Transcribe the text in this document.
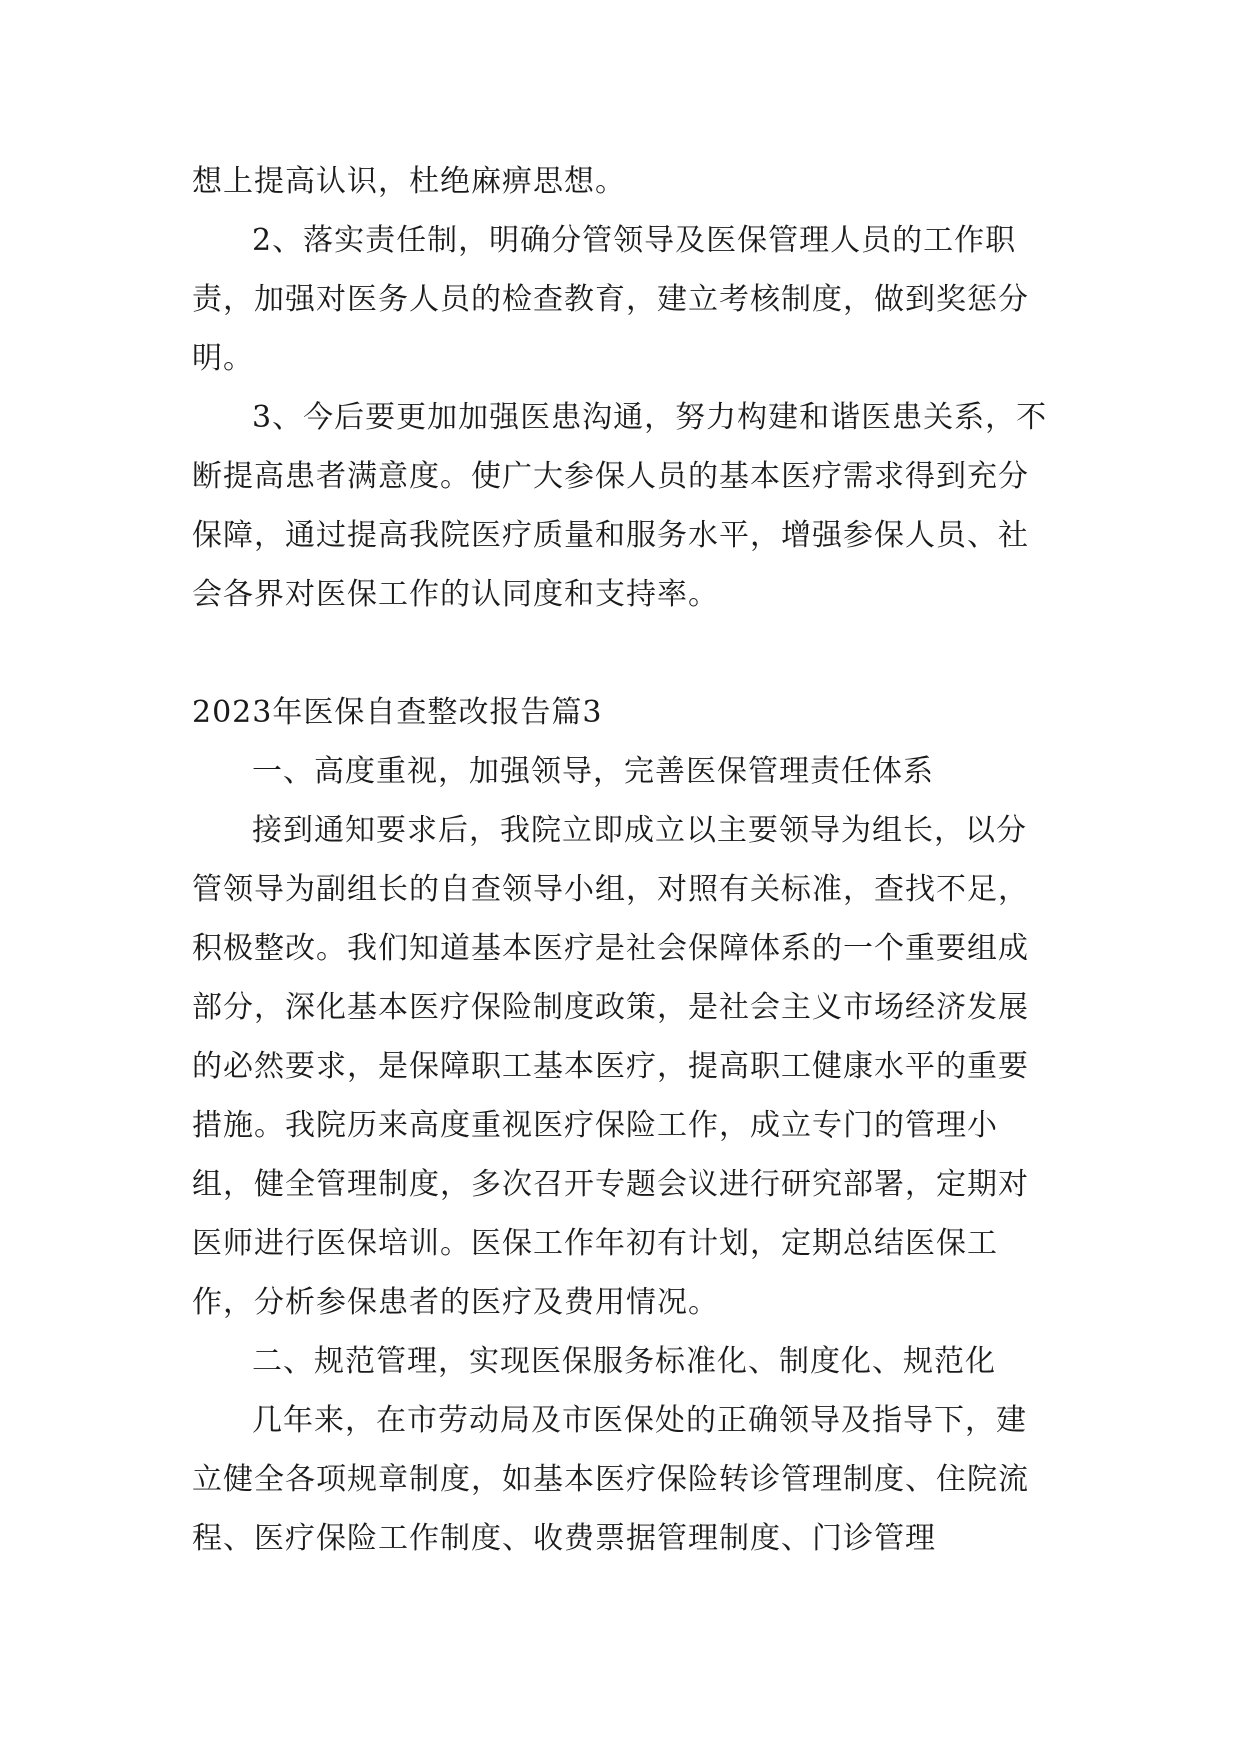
想上提高认识，杜绝麻痹思想。

2、落实责任制，明确分管领导及医保管理人员的工作职责，加强对医务人员的检查教育，建立考核制度，做到奖惩分明。

3、今后要更加加强医患沟通，努力构建和谐医患关系，不断提高患者满意度。使广大参保人员的基本医疗需求得到充分保障，通过提高我院医疗质量和服务水平，增强参保人员、社会各界对医保工作的认同度和支持率。

2023年医保自查整改报告篇3

一、高度重视，加强领导，完善医保管理责任体系

接到通知要求后，我院立即成立以主要领导为组长，以分管领导为副组长的自查领导小组，对照有关标准，查找不足，积极整改。我们知道基本医疗是社会保障体系的一个重要组成部分，深化基本医疗保险制度政策，是社会主义市场经济发展的必然要求，是保障职工基本医疗，提高职工健康水平的重要措施。我院历来高度重视医疗保险工作，成立专门的管理小组，健全管理制度，多次召开专题会议进行研究部署，定期对医师进行医保培训。医保工作年初有计划，定期总结医保工作，分析参保患者的医疗及费用情况。

二、规范管理，实现医保服务标准化、制度化、规范化

几年来，在市劳动局及市医保处的正确领导及指导下，建立健全各项规章制度，如基本医疗保险转诊管理制度、住院流程、医疗保险工作制度、收费票据管理制度、门诊管理
